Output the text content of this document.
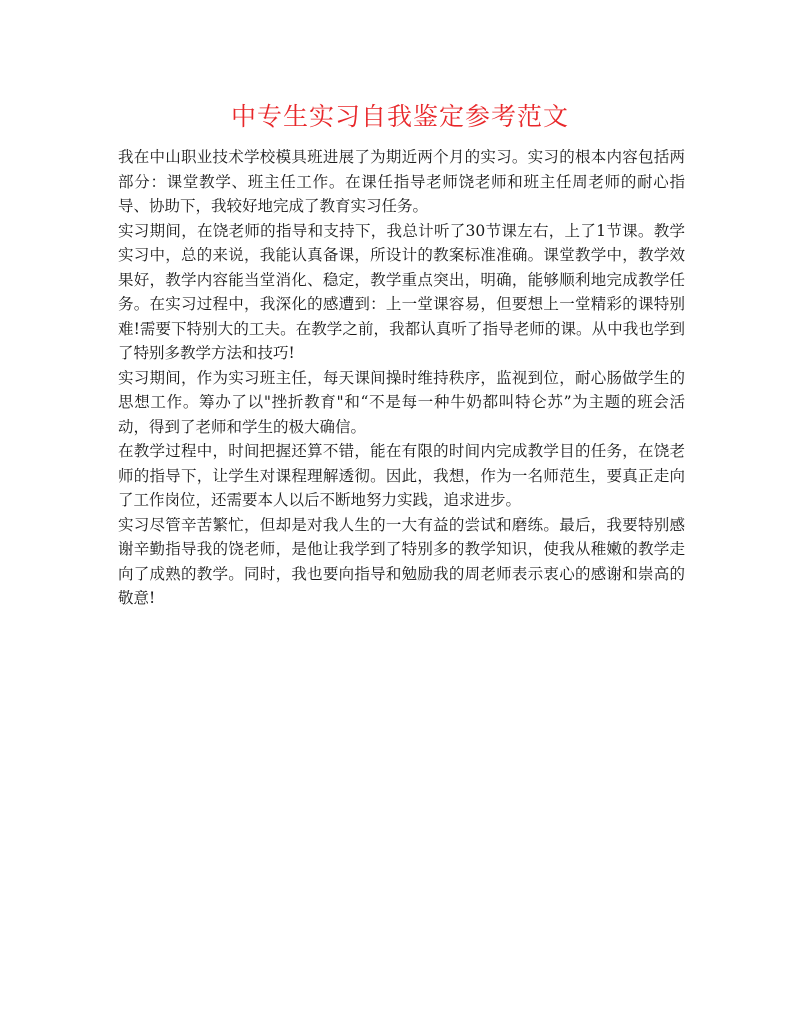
中专生实习自我鉴定参考范文

我在中山职业技术学校模具班进展了为期近两个月的实习。实习的根本内容包括两部分：课堂教学、班主任工作。在课任指导老师饶老师和班主任周老师的耐心指导、协助下，我较好地完成了教育实习任务。

实习期间，在饶老师的指导和支持下，我总计听了30节课左右，上了1节课。教学实习中，总的来说，我能认真备课，所设计的教案标准准确。课堂教学中，教学效果好，教学内容能当堂消化、稳定，教学重点突出，明确，能够顺利地完成教学任务。在实习过程中，我深化的感遭到：上一堂课容易，但要想上一堂精彩的课特别难!需要下特别大的工夫。在教学之前，我都认真听了指导老师的课。从中我也学到了特别多教学方法和技巧!

实习期间，作为实习班主任，每天课间操时维持秩序，监视到位，耐心肠做学生的思想工作。筹办了以"挫折教育"和“不是每一种牛奶都叫特仑苏”为主题的班会活动，得到了老师和学生的极大确信。

在教学过程中，时间把握还算不错，能在有限的时间内完成教学目的任务，在饶老师的指导下，让学生对课程理解透彻。因此，我想，作为一名师范生，要真正走向了工作岗位，还需要本人以后不断地努力实践，追求进步。

实习尽管辛苦繁忙，但却是对我人生的一大有益的尝试和磨练。最后，我要特别感谢辛勤指导我的饶老师，是他让我学到了特别多的教学知识，使我从稚嫩的教学走向了成熟的教学。同时，我也要向指导和勉励我的周老师表示衷心的感谢和崇高的敬意!
